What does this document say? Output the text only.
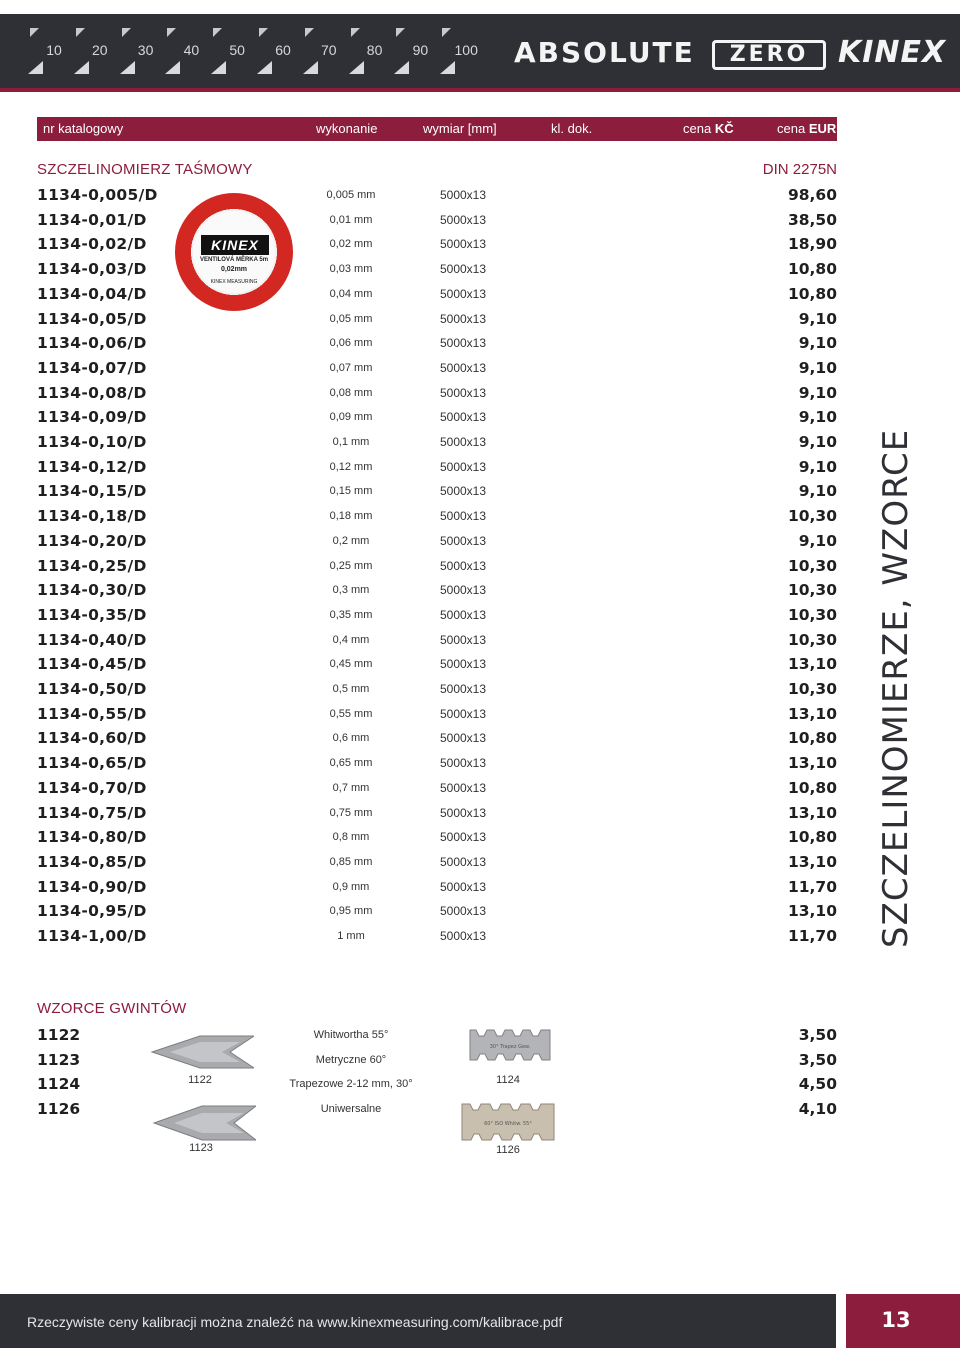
10	20	30	40	50	60	70	80	90	100 ABSOLUTE	ZERO KINEX
nr katalogowy	wykonanie	wymiar [mm]	kl. dok.	cena KČ	cena EUR
SZCZELINOMIERZ TAŚMOWY	DIN 2275N
1134-0,005/D	0,005 mm	5000x13	98,60
1134-0,01/D	0,01 mm	5000x13	38,50
1134-0,02/D	0,02 mm	5000x13	18,90
1134-0,03/D	0,03 mm	5000x13	10,80
1134-0,04/D	0,04 mm	5000x13	10,80
1134-0,05/D	0,05 mm	5000x13	9,10
1134-0,06/D	0,06 mm	5000x13	9,10
1134-0,07/D	0,07 mm	5000x13	9,10
1134-0,08/D	0,08 mm	5000x13	9,10
1134-0,09/D	0,09 mm	5000x13	9,10
1134-0,10/D	0,1 mm	5000x13	9,10
1134-0,12/D	0,12 mm	5000x13	9,10
1134-0,15/D	0,15 mm	5000x13	9,10
1134-0,18/D	0,18 mm	5000x13	10,30
1134-0,20/D	0,2 mm	5000x13	9,10
1134-0,25/D	0,25 mm	5000x13	10,30
1134-0,30/D	0,3 mm	5000x13	10,30
1134-0,35/D	0,35 mm	5000x13	10,30
1134-0,40/D	0,4 mm	5000x13	10,30
1134-0,45/D	0,45 mm	5000x13	13,10
1134-0,50/D	0,5 mm	5000x13	10,30
1134-0,55/D	0,55 mm	5000x13	13,10
1134-0,60/D	0,6 mm	5000x13	10,80
1134-0,65/D	0,65 mm	5000x13	13,10
1134-0,70/D	0,7 mm	5000x13	10,80
1134-0,75/D	0,75 mm	5000x13	13,10
1134-0,80/D	0,8 mm	5000x13	10,80
1134-0,85/D	0,85 mm	5000x13	13,10
1134-0,90/D	0,9 mm	5000x13	11,70
1134-0,95/D	0,95 mm	5000x13	13,10
1134-1,00/D	1 mm	5000x13	11,70
KINEX
VENTILOVÁ MĚRKA 5m
0,02mm
KINEX MEASURING
WZORCE GWINTÓW
1122	Whitwortha 55°	3,50
1123	Metryczne 60°	3,50
1124	Trapezowe 2-12 mm, 30°	4,50
1126	Uniwersalne	4,10
1122
1123
30° Trapez Gew.
1124
60° ISO Whitw. 55°
1126
SZCZELINOMIERZE, WZORCE
Rzeczywiste ceny kalibracji można znaleźć na www.kinexmeasuring.com/kalibrace.pdf	13
